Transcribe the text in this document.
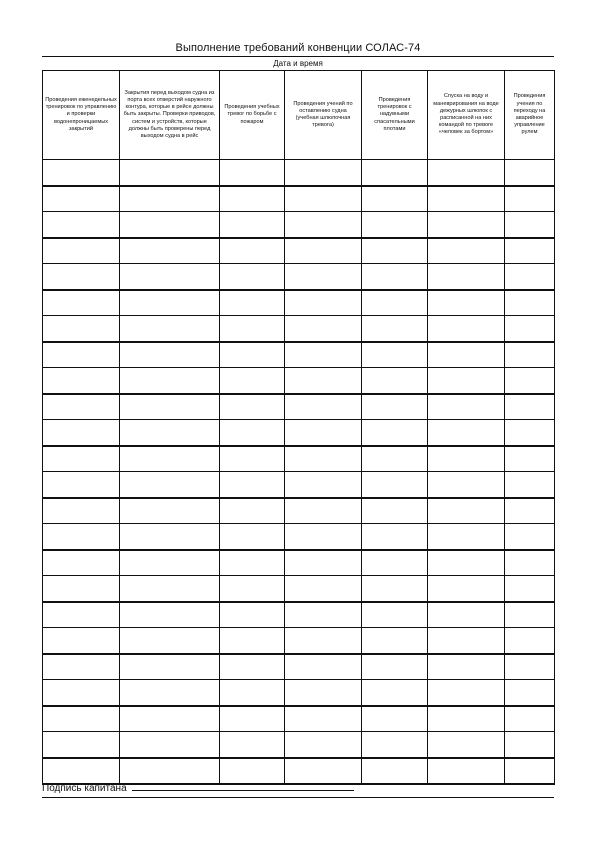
Выполнение требований конвенции СОЛАС-74
Дата и время
Проведения еженедельных тренировок по управлению и проверки водонепроницаемых закрытий	Закрытия перед выходом судна из порта всех отверстий наружного контура, которые в рейсе должны быть закрыты. Проверки приводов, систем и устройств, которые должны быть проверены перед выходом судна в рейс	Проведения учебных тревог по борьбе с пожаром	Проведения учений по оставлению судна (учебная шлюпочная тревога)	Проведения тренировок с надувными спасательными плотами	Спуска на воду и маневрирования на воде дежурных шлюпок с расписанной на них командой по тревоге «человек за бортом»	Проведения учения по переходу на аварийное управление рулем

Подпись капитана
